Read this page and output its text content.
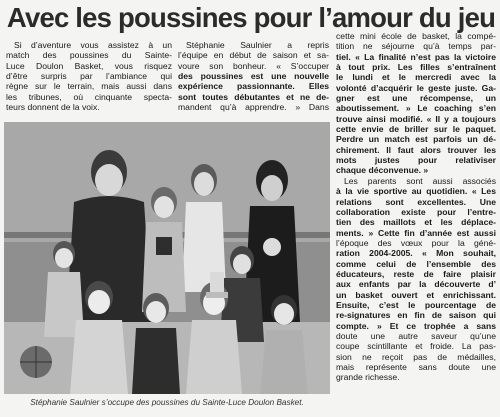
Avec les poussines pour l’amour du jeu
Si d’aventure vous assistez à un
match des poussines du Sainte-
Luce Doulon Basket, vous risquez
d’être surpris par l’ambiance qui
règne sur le terrain, mais aussi dans
les tribunes, où cinquante specta-
teurs donnent de la voix.
Stéphanie Saulnier a repris
l’équipe en début de saison et sa-
voure son bonheur. « S’occuper
des poussines est une nouvelle
expérience passionnante. Elles
sont toutes débutantes et ne de-
mandent qu’à apprendre. » Dans
cette mini école de basket, la compé-
tition ne séjourne qu’à temps par-
tiel. « La finalité n’est pas la victoire
à tout prix. Les filles s’entraînent
le lundi et le mercredi avec la
volonté d’acquérir le geste juste. Ga-
gner est une récompense, un
aboutissement. » Le coaching s’en
trouve ainsi modifié. « Il y a toujours
cette envie de briller sur le paquet.
Perdre un match est parfois un dé-
chirement. Il faut alors trouver les
mots justes pour relativiser
chaque déconvenue. »
Les parents sont aussi associés
à la vie sportive au quotidien. « Les
relations sont excellentes. Une
collaboration existe pour l’entre-
tien des maillots et les déplace-
ments. » Cette fin d’année est aussi
l’époque des vœux pour la géné-
ration 2004-2005. « Mon souhait,
comme celui de l’ensemble des
éducateurs, reste de faire plaisir
aux enfants par la découverte d’
un basket ouvert et enrichissant.
Ensuite, c’est le pourcentage de
re-signatures en fin de saison qui
compte. » Et ce trophée a sans
doute une autre saveur qu’une
coupe scintillante et froide. La pas-
sion ne reçoit pas de médailles,
mais représente sans doute une
grande richesse.
Stéphanie Saulnier s’occupe des poussines du Sainte-Luce Doulon Basket.
